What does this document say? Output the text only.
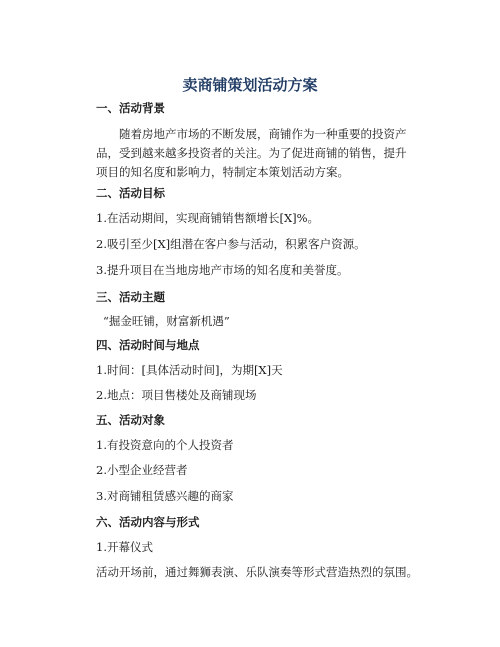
卖商铺策划活动方案
一、活动背景
随着房地产市场的不断发展，商铺作为一种重要的投资产品，受到越来越多投资者的关注。为了促进商铺的销售，提升项目的知名度和影响力，特制定本策划活动方案。
二、活动目标
1.在活动期间，实现商铺销售额增长[X]%。
2.吸引至少[X]组潜在客户参与活动，积累客户资源。
3.提升项目在当地房地产市场的知名度和美誉度。
三、活动主题
“掘金旺铺，财富新机遇”
四、活动时间与地点
1.时间：[具体活动时间]，为期[X]天
2.地点：项目售楼处及商铺现场
五、活动对象
1.有投资意向的个人投资者
2.小型企业经营者
3.对商铺租赁感兴趣的商家
六、活动内容与形式
1.开幕仪式
活动开场前，通过舞狮表演、乐队演奏等形式营造热烈的氛围。
